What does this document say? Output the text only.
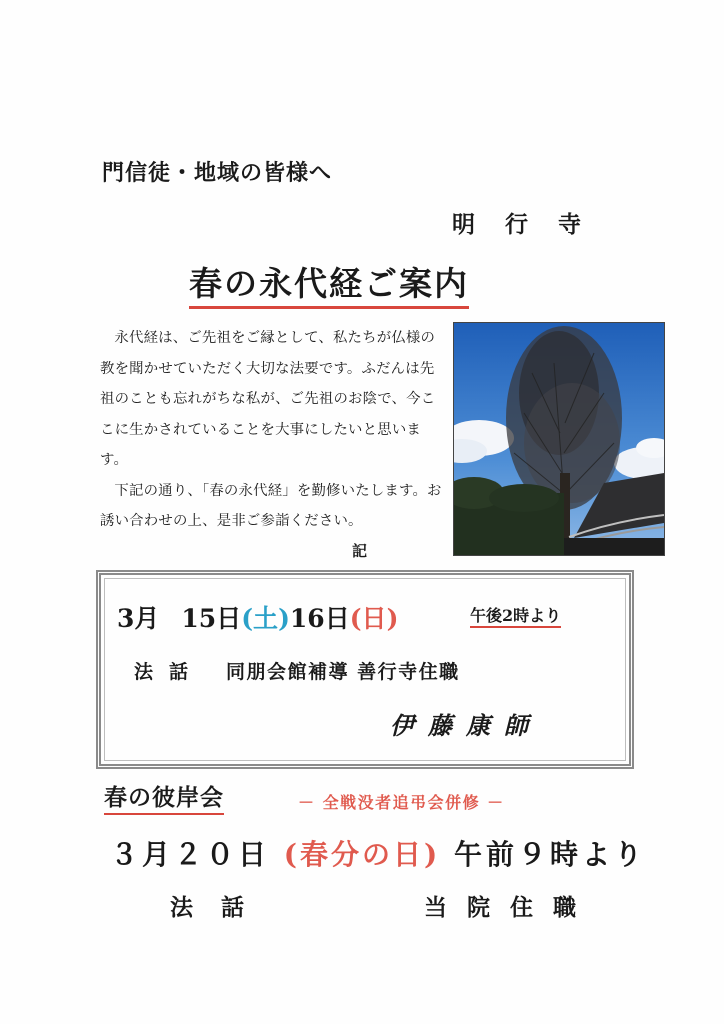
門信徒・地域の皆様へ
明行寺
春の永代経ご案内

永代経は、ご先祖をご縁として、私たちが仏様の教を聞かせていただく大切な法要です。ふだんは先祖のことも忘れがちな私が、ご先祖のお陰で、今ここに生かされていることを大事にしたいと思います。

下記の通り、「春の永代経」を勤修いたします。お誘い合わせの上、是非ご参詣ください。

記
3月 15日(土)16日(日)	午後2時より
法話 同朋会館補導 善行寺住職
伊藤康師
春の彼岸会	－ 全戦没者追弔会併修 －
３月２０日 (春分の日) 午前９時より
法話	当院住職
